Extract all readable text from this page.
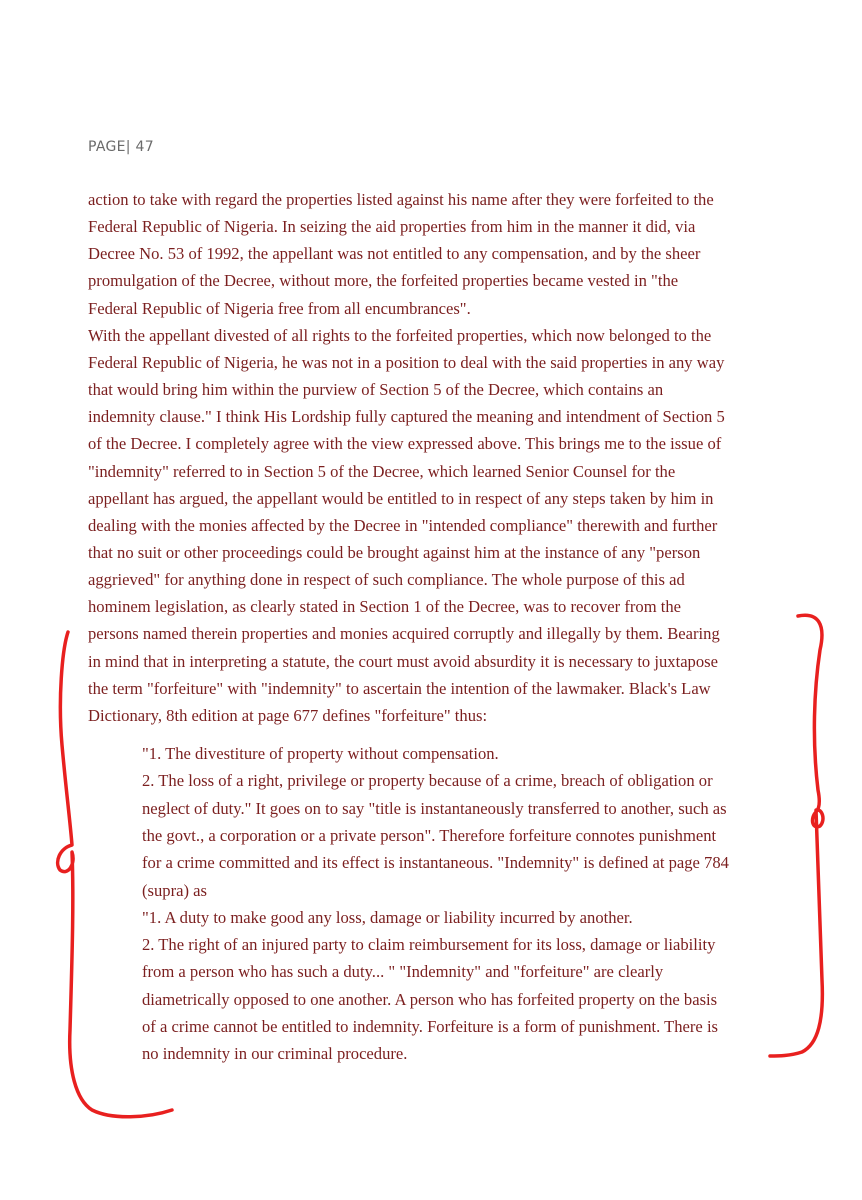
PAGE| 47
action to take with regard the properties listed against his name after they were forfeited to the
Federal Republic of Nigeria. In seizing the aid properties from him in the manner it did, via
Decree No. 53 of 1992, the appellant was not entitled to any compensation, and by the sheer
promulgation of the Decree, without more, the forfeited properties became vested in "the
Federal Republic of Nigeria free from all encumbrances".
With the appellant divested of all rights to the forfeited properties, which now belonged to the
Federal Republic of Nigeria, he was not in a position to deal with the said properties in any way
that would bring him within the purview of Section 5 of the Decree, which contains an
indemnity clause." I think His Lordship fully captured the meaning and intendment of Section 5
of the Decree. I completely agree with the view expressed above. This brings me to the issue of
"indemnity" referred to in Section 5 of the Decree, which learned Senior Counsel for the
appellant has argued, the appellant would be entitled to in respect of any steps taken by him in
dealing with the monies affected by the Decree in "intended compliance" therewith and further
that no suit or other proceedings could be brought against him at the instance of any "person
aggrieved" for anything done in respect of such compliance. The whole purpose of this ad
hominem legislation, as clearly stated in Section 1 of the Decree, was to recover from the
persons named therein properties and monies acquired corruptly and illegally by them. Bearing
in mind that in interpreting a statute, the court must avoid absurdity it is necessary to juxtapose
the term "forfeiture" with "indemnity" to ascertain the intention of the lawmaker. Black's Law
Dictionary, 8th edition at page 677 defines "forfeiture" thus:
"1. The divestiture of property without compensation.
2. The loss of a right, privilege or property because of a crime, breach of obligation or
neglect of duty." It goes on to say "title is instantaneously transferred to another, such as
the govt., a corporation or a private person". Therefore forfeiture connotes punishment
for a crime committed and its effect is instantaneous. "Indemnity" is defined at page 784
(supra) as
"1. A duty to make good any loss, damage or liability incurred by another.
2. The right of an injured party to claim reimbursement for its loss, damage or liability
from a person who has such a duty... " "Indemnity" and "forfeiture" are clearly
diametrically opposed to one another. A person who has forfeited property on the basis
of a crime cannot be entitled to indemnity. Forfeiture is a form of punishment. There is
no indemnity in our criminal procedure.
